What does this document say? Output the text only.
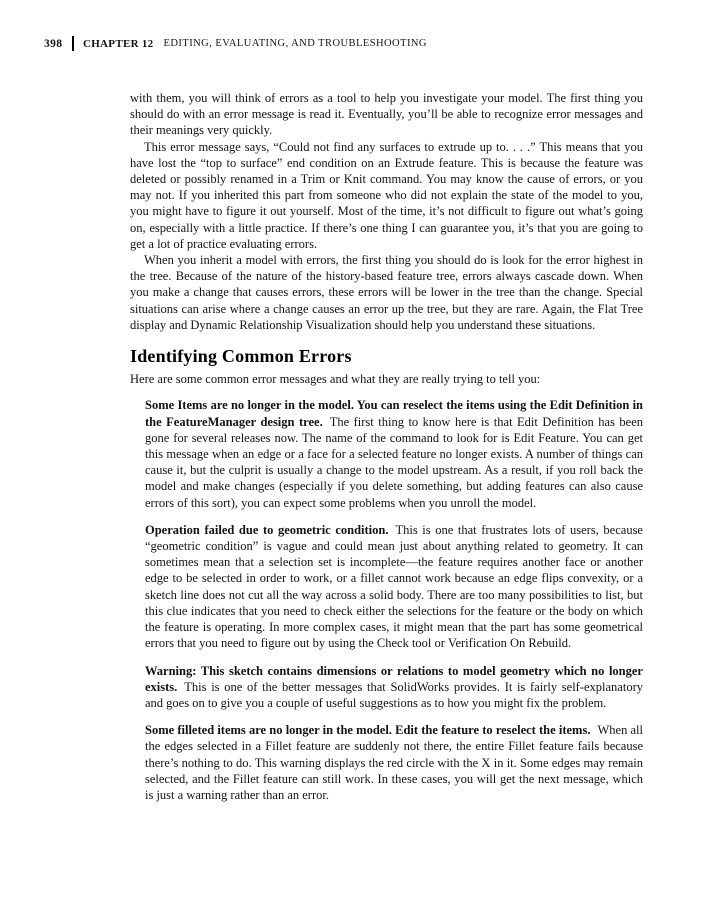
398 CHAPTER 12 EDITING, EVALUATING, AND TROUBLESHOOTING

with them, you will think of errors as a tool to help you investigate your model. The first thing you should do with an error message is read it. Eventually, you’ll be able to recognize error messages and their meanings very quickly.

This error message says, “Could not find any surfaces to extrude up to. . . .” This means that you have lost the “top to surface” end condition on an Extrude feature. This is because the feature was deleted or possibly renamed in a Trim or Knit command. You may know the cause of errors, or you may not. If you inherited this part from someone who did not explain the state of the model to you, you might have to figure it out yourself. Most of the time, it’s not difficult to figure out what’s going on, especially with a little practice. If there’s one thing I can guarantee you, it’s that you are going to get a lot of practice evaluating errors.

When you inherit a model with errors, the first thing you should do is look for the error highest in the tree. Because of the nature of the history-based feature tree, errors always cascade down. When you make a change that causes errors, these errors will be lower in the tree than the change. Special situations can arise where a change causes an error up the tree, but they are rare. Again, the Flat Tree display and Dynamic Relationship Visualization should help you understand these situations.

Identifying Common Errors

Here are some common error messages and what they are really trying to tell you:

Some Items are no longer in the model. You can reselect the items using the Edit Definition in the FeatureManager design tree. The first thing to know here is that Edit Definition has been gone for several releases now. The name of the command to look for is Edit Feature. You can get this message when an edge or a face for a selected feature no longer exists. A number of things can cause it, but the culprit is usually a change to the model upstream. As a result, if you roll back the model and make changes (especially if you delete something, but adding features can also cause errors of this sort), you can expect some problems when you unroll the model.

Operation failed due to geometric condition. This is one that frustrates lots of users, because “geometric condition” is vague and could mean just about anything related to geometry. It can sometimes mean that a selection set is incomplete—the feature requires another face or another edge to be selected in order to work, or a fillet cannot work because an edge flips convexity, or a sketch line does not cut all the way across a solid body. There are too many possibilities to list, but this clue indicates that you need to check either the selections for the feature or the body on which the feature is operating. In more complex cases, it might mean that the part has some geometrical errors that you need to figure out by using the Check tool or Verification On Rebuild.

Warning: This sketch contains dimensions or relations to model geometry which no longer exists. This is one of the better messages that SolidWorks provides. It is fairly self-explanatory and goes on to give you a couple of useful suggestions as to how you might fix the problem.

Some filleted items are no longer in the model. Edit the feature to reselect the items. When all the edges selected in a Fillet feature are suddenly not there, the entire Fillet feature fails because there’s nothing to do. This warning displays the red circle with the X in it. Some edges may remain selected, and the Fillet feature can still work. In these cases, you will get the next message, which is just a warning rather than an error.
